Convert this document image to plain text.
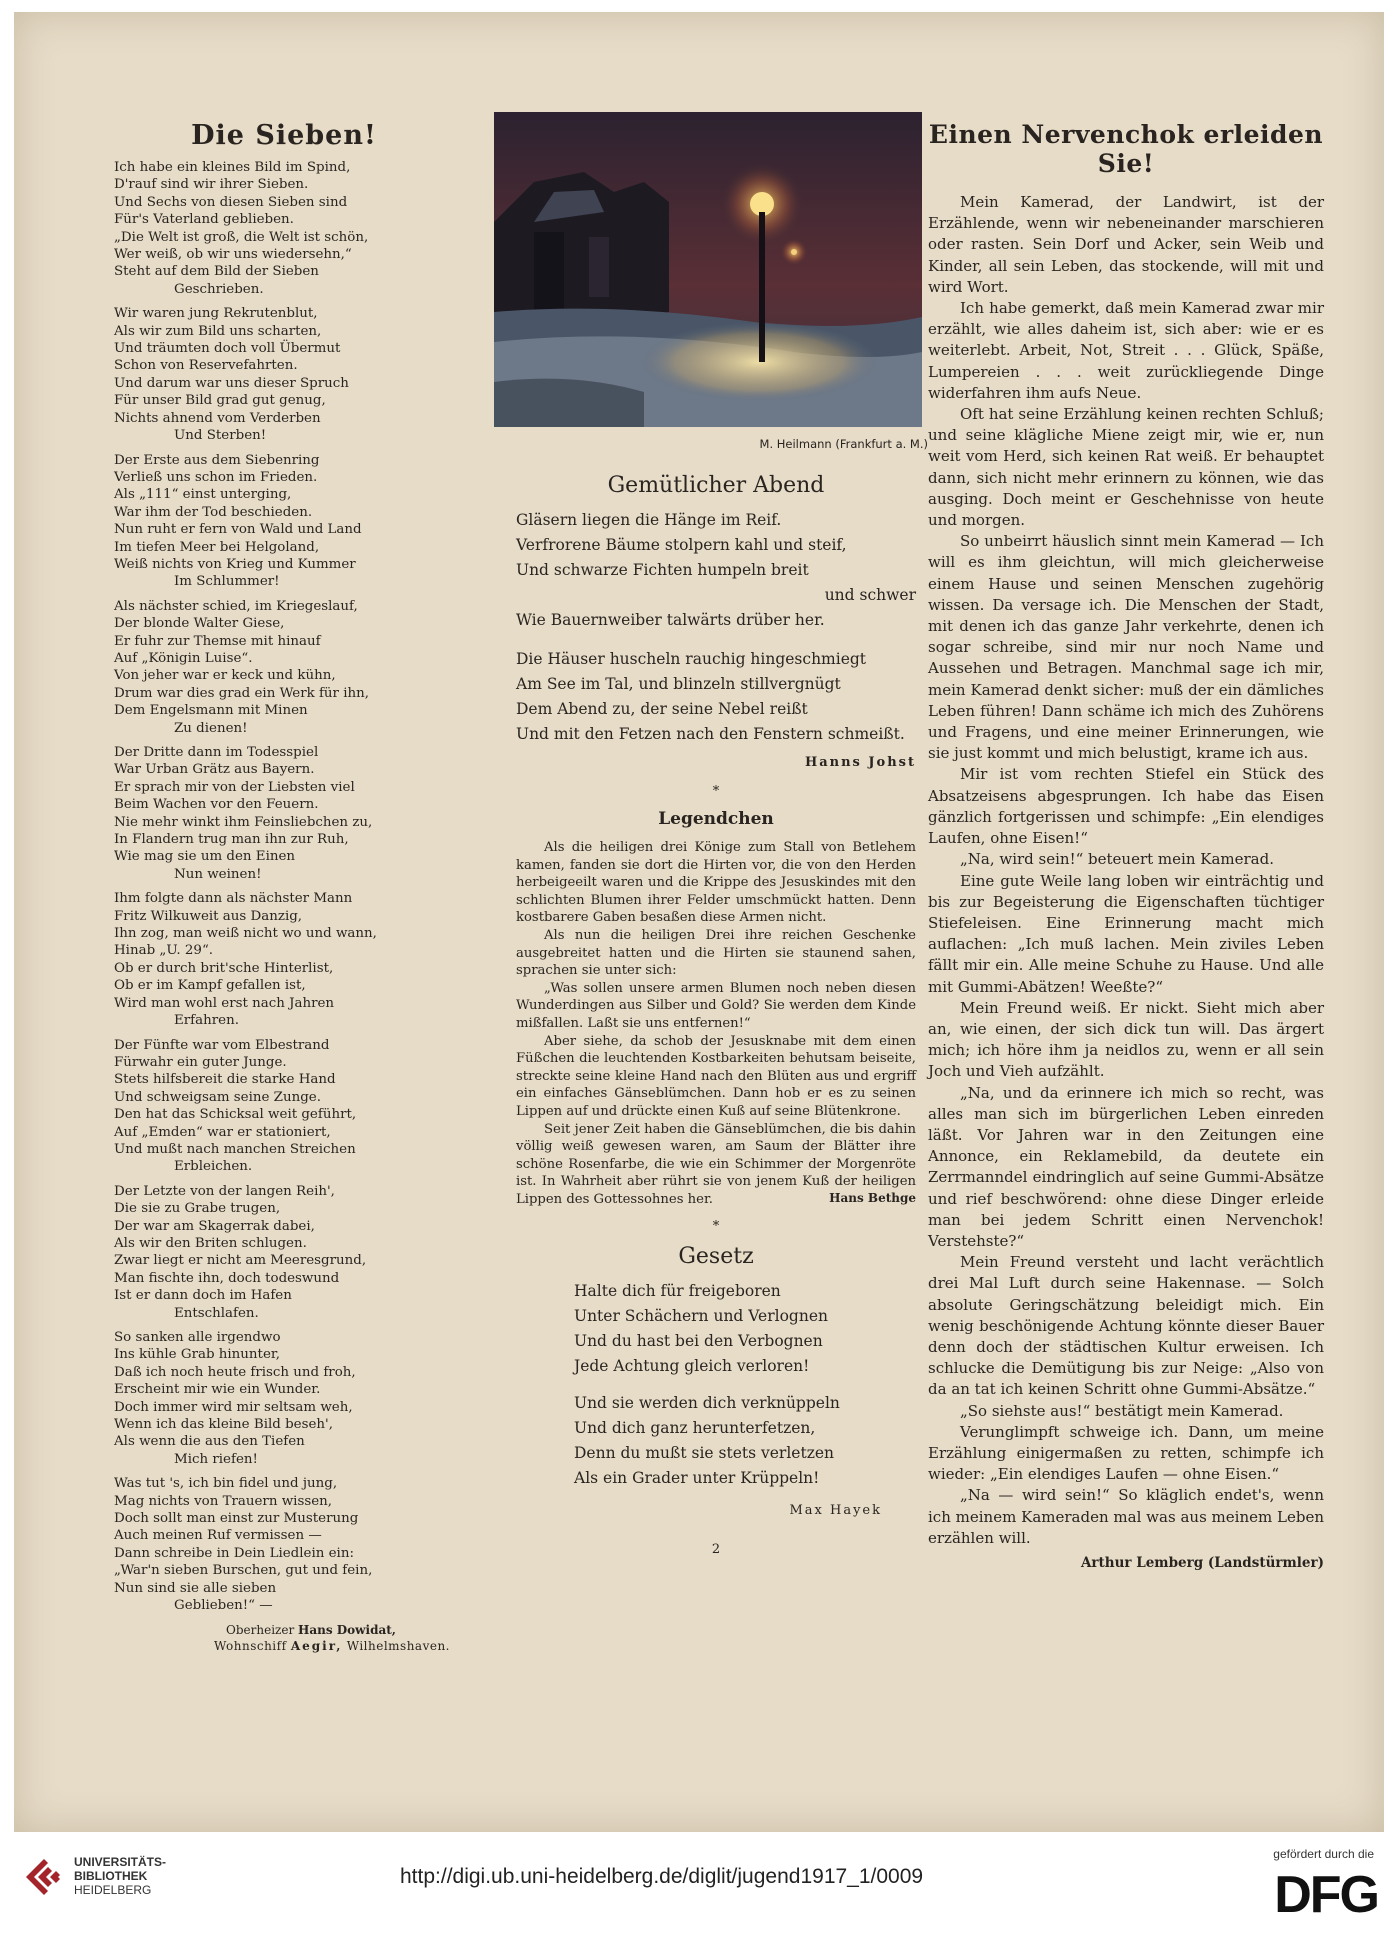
Die Sieben!
Ich habe ein kleines Bild im Spind,
D'rauf sind wir ihrer Sieben.
Und Sechs von diesen Sieben sind
Für's Vaterland geblieben.
„Die Welt ist groß, die Welt ist schön,
Wer weiß, ob wir uns wiedersehn,“
Steht auf dem Bild der Sieben
Geschrieben.
Wir waren jung Rekrutenblut,
Als wir zum Bild uns scharten,
Und träumten doch voll Übermut
Schon von Reservefahrten.
Und darum war uns dieser Spruch
Für unser Bild grad gut genug,
Nichts ahnend vom Verderben
Und Sterben!
Der Erste aus dem Siebenring
Verließ uns schon im Frieden.
Als „111“ einst unterging,
War ihm der Tod beschieden.
Nun ruht er fern von Wald und Land
Im tiefen Meer bei Helgoland,
Weiß nichts von Krieg und Kummer
Im Schlummer!
Als nächster schied, im Kriegeslauf,
Der blonde Walter Giese,
Er fuhr zur Themse mit hinauf
Auf „Königin Luise“.
Von jeher war er keck und kühn,
Drum war dies grad ein Werk für ihn,
Dem Engelsmann mit Minen
Zu dienen!
Der Dritte dann im Todesspiel
War Urban Grätz aus Bayern.
Er sprach mir von der Liebsten viel
Beim Wachen vor den Feuern.
Nie mehr winkt ihm Feinsliebchen zu,
In Flandern trug man ihn zur Ruh,
Wie mag sie um den Einen
Nun weinen!
Ihm folgte dann als nächster Mann
Fritz Wilkuweit aus Danzig,
Ihn zog, man weiß nicht wo und wann,
Hinab „U. 29“.
Ob er durch brit'sche Hinterlist,
Ob er im Kampf gefallen ist,
Wird man wohl erst nach Jahren
Erfahren.
Der Fünfte war vom Elbestrand
Fürwahr ein guter Junge.
Stets hilfsbereit die starke Hand
Und schweigsam seine Zunge.
Den hat das Schicksal weit geführt,
Auf „Emden“ war er stationiert,
Und mußt nach manchen Streichen
Erbleichen.
Der Letzte von der langen Reih',
Die sie zu Grabe trugen,
Der war am Skagerrak dabei,
Als wir den Briten schlugen.
Zwar liegt er nicht am Meeresgrund,
Man fischte ihn, doch todeswund
Ist er dann doch im Hafen
Entschlafen.
So sanken alle irgendwo
Ins kühle Grab hinunter,
Daß ich noch heute frisch und froh,
Erscheint mir wie ein Wunder.
Doch immer wird mir seltsam weh,
Wenn ich das kleine Bild beseh',
Als wenn die aus den Tiefen
Mich riefen!
Was tut 's, ich bin fidel und jung,
Mag nichts von Trauern wissen,
Doch sollt man einst zur Musterung
Auch meinen Ruf vermissen —
Dann schreibe in Dein Liedlein ein:
„War'n sieben Burschen, gut und fein,
Nun sind sie alle sieben
Geblieben!“ —
Oberheizer Hans Dowidat,
Wohnschiff Aegir, Wilhelmshaven.

M. Heilmann (Frankfurt a. M.)

Gemütlicher Abend
Gläsern liegen die Hänge im Reif.
Verfrorene Bäume stolpern kahl und steif,
Und schwarze Fichten humpeln breit
und schwer
Wie Bauernweiber talwärts drüber her.
Die Häuser huscheln rauchig hingeschmiegt
Am See im Tal, und blinzeln stillvergnügt
Dem Abend zu, der seine Nebel reißt
Und mit den Fetzen nach den Fenstern schmeißt.

Hanns Johst

*
Legendchen

Als die heiligen drei Könige zum Stall von Betlehem kamen, fanden sie dort die Hirten vor, die von den Herden herbeigeeilt waren und die Krippe des Jesuskindes mit den schlichten Blumen ihrer Felder umschmückt hatten. Denn kostbarere Gaben besaßen diese Armen nicht.

Als nun die heiligen Drei ihre reichen Geschenke ausgebreitet hatten und die Hirten sie staunend sahen, sprachen sie unter sich:

„Was sollen unsere armen Blumen noch neben diesen Wunderdingen aus Silber und Gold? Sie werden dem Kinde mißfallen. Laßt sie uns entfernen!“

Aber siehe, da schob der Jesusknabe mit dem einen Füßchen die leuchtenden Kostbarkeiten behutsam beiseite, streckte seine kleine Hand nach den Blüten aus und ergriff ein einfaches Gänseblümchen. Dann hob er es zu seinen Lippen auf und drückte einen Kuß auf seine Blütenkrone.

Seit jener Zeit haben die Gänseblümchen, die bis dahin völlig weiß gewesen waren, am Saum der Blätter ihre schöne Rosenfarbe, die wie ein Schimmer der Morgenröte ist. In Wahrheit aber rührt sie von jenem Kuß der heiligen Lippen des Gottessohnes her.	Hans Bethge
*
Gesetz
Halte dich für freigeboren
Unter Schächern und Verlognen
Und du hast bei den Verbognen
Jede Achtung gleich verloren!
Und sie werden dich verknüppeln
Und dich ganz herunterfetzen,
Denn du mußt sie stets verletzen
Als ein Grader unter Krüppeln!
Max Hayek
2
Einen Nervenchok erleiden Sie!

Mein Kamerad, der Landwirt, ist der Erzählende, wenn wir nebeneinander marschieren oder rasten. Sein Dorf und Acker, sein Weib und Kinder, all sein Leben, das stockende, will mit und wird Wort.

Ich habe gemerkt, daß mein Kamerad zwar mir erzählt, wie alles daheim ist, sich aber: wie er es weiterlebt. Arbeit, Not, Streit . . . Glück, Späße, Lumpereien . . . weit zurückliegende Dinge widerfahren ihm aufs Neue.

Oft hat seine Erzählung keinen rechten Schluß; und seine klägliche Miene zeigt mir, wie er, nun weit vom Herd, sich keinen Rat weiß. Er behauptet dann, sich nicht mehr erinnern zu können, wie das ausging. Doch meint er Geschehnisse von heute und morgen.

So unbeirrt häuslich sinnt mein Kamerad — Ich will es ihm gleichtun, will mich gleicherweise einem Hause und seinen Menschen zugehörig wissen. Da versage ich. Die Menschen der Stadt, mit denen ich das ganze Jahr verkehrte, denen ich sogar schreibe, sind mir nur noch Name und Aussehen und Betragen. Manchmal sage ich mir, mein Kamerad denkt sicher: muß der ein dämliches Leben führen! Dann schäme ich mich des Zuhörens und Fragens, und eine meiner Erinnerungen, wie sie just kommt und mich belustigt, krame ich aus.

Mir ist vom rechten Stiefel ein Stück des Absatzeisens abgesprungen. Ich habe das Eisen gänzlich fortgerissen und schimpfe: „Ein elendiges Laufen, ohne Eisen!“

„Na, wird sein!“ beteuert mein Kamerad.

Eine gute Weile lang loben wir einträchtig und bis zur Begeisterung die Eigenschaften tüchtiger Stiefeleisen. Eine Erinnerung macht mich auflachen: „Ich muß lachen. Mein ziviles Leben fällt mir ein. Alle meine Schuhe zu Hause. Und alle mit Gummi-Abätzen! Weeßte?“

Mein Freund weiß. Er nickt. Sieht mich aber an, wie einen, der sich dick tun will. Das ärgert mich; ich höre ihm ja neidlos zu, wenn er all sein Joch und Vieh aufzählt.

„Na, und da erinnere ich mich so recht, was alles man sich im bürgerlichen Leben einreden läßt. Vor Jahren war in den Zeitungen eine Annonce, ein Reklamebild, da deutete ein Zerrmanndel eindringlich auf seine Gummi-Absätze und rief beschwörend: ohne diese Dinger erleide man bei jedem Schritt einen Nervenchok! Verstehste?“

Mein Freund versteht und lacht verächtlich drei Mal Luft durch seine Hakennase. — Solch absolute Geringschätzung beleidigt mich. Ein wenig beschönigende Achtung könnte dieser Bauer denn doch der städtischen Kultur erweisen. Ich schlucke die Demütigung bis zur Neige: „Also von da an tat ich keinen Schritt ohne Gummi-Absätze.“

„So siehste aus!“ bestätigt mein Kamerad.

Verunglimpft schweige ich. Dann, um meine Erzählung einigermaßen zu retten, schimpfe ich wieder: „Ein elendiges Laufen — ohne Eisen.“

„Na — wird sein!“ So kläglich endet's, wenn ich meinem Kameraden mal was aus meinem Leben erzählen will.

Arthur Lemberg (Landstürmler)
UNIVERSITÄTS-
BIBLIOTHEK
HEIDELBERG
http://digi.ub.uni-heidelberg.de/diglit/jugend1917_1/0009
gefördert durch die
DFG
